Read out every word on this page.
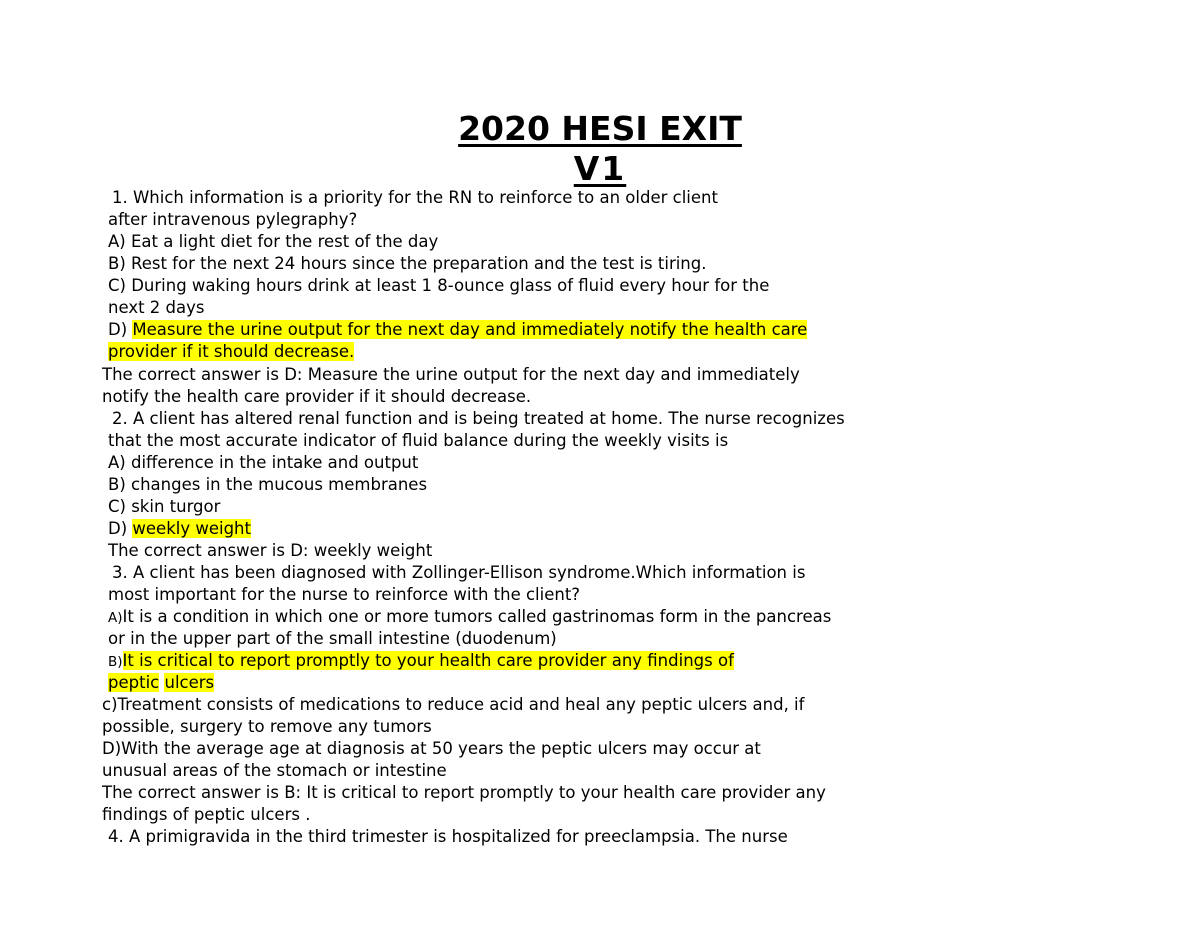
2020 HESI EXIT
V1
1. Which information is a priority for the RN to reinforce to an older client
after intravenous pylegraphy?
A) Eat a light diet for the rest of the day
B) Rest for the next 24 hours since the preparation and the test is tiring.
C) During waking hours drink at least 1 8-ounce glass of fluid every hour for the
next 2 days
D) Measure the urine output for the next day and immediately notify the health care
provider if it should decrease.
The correct answer is D: Measure the urine output for the next day and immediately
notify the health care provider if it should decrease.
2. A client has altered renal function and is being treated at home. The nurse recognizes
that the most accurate indicator of fluid balance during the weekly visits is
A) difference in the intake and output
B) changes in the mucous membranes
C) skin turgor
D) weekly weight
The correct answer is D: weekly weight
3. A client has been diagnosed with Zollinger-Ellison syndrome.Which information is
most important for the nurse to reinforce with the client?
A)It is a condition in which one or more tumors called gastrinomas form in the pancreas
or in the upper part of the small intestine (duodenum)
B)It is critical to report promptly to your health care provider any findings of
peptic ulcers
c)Treatment consists of medications to reduce acid and heal any peptic ulcers and, if
possible, surgery to remove any tumors
D)With the average age at diagnosis at 50 years the peptic ulcers may occur at
unusual areas of the stomach or intestine
The correct answer is B: It is critical to report promptly to your health care provider any
findings of peptic ulcers .
4. A primigravida in the third trimester is hospitalized for preeclampsia. The nurse
